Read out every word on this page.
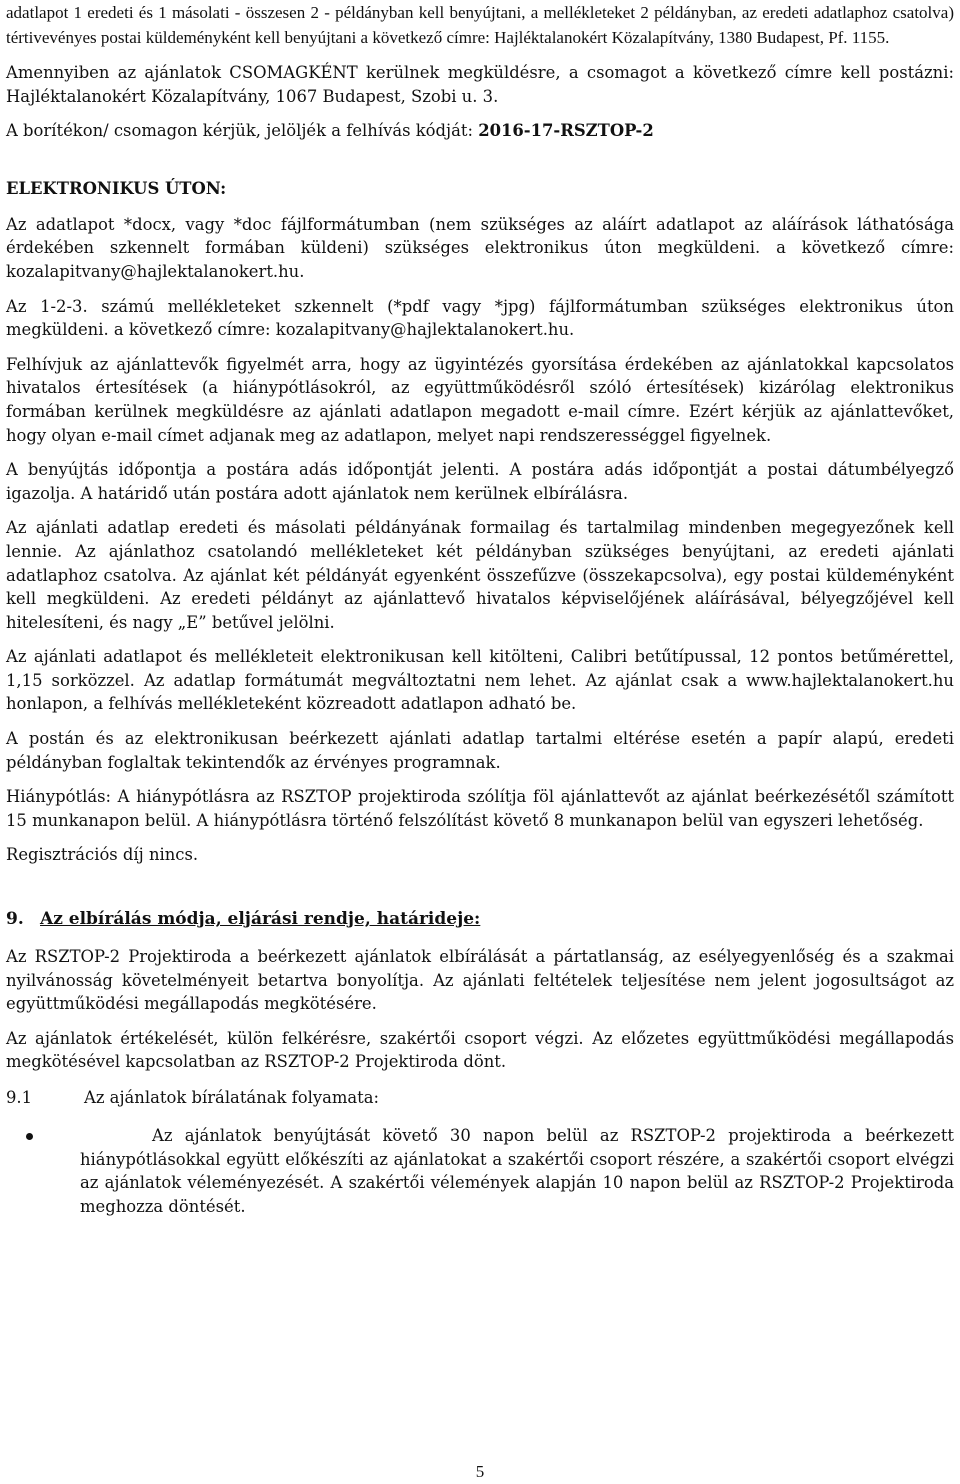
adatlapot 1 eredeti és 1 másolati - összesen 2 - példányban kell benyújtani, a mellékleteket 2 példányban, az eredeti adatlaphoz csatolva) tértivevényes postai küldeményként kell benyújtani a következő címre: Hajléktalanokért Közalapítvány, 1380 Budapest, Pf. 1155.

Amennyiben az ajánlatok CSOMAGKÉNT kerülnek megküldésre, a csomagot a következő címre kell postázni: Hajléktalanokért Közalapítvány, 1067 Budapest, Szobi u. 3.

A borítékon/ csomagon kérjük, jelöljék a felhívás kódját: 2016-17-RSZTOP-2

ELEKTRONIKUS ÚTON:

Az adatlapot *docx, vagy *doc fájlformátumban (nem szükséges az aláírt adatlapot az aláírások láthatósága érdekében szkennelt formában küldeni) szükséges elektronikus úton megküldeni. a következő címre: kozalapitvany@hajlektalanokert.hu.

Az 1-2-3. számú mellékleteket szkennelt (*pdf vagy *jpg) fájlformátumban szükséges elektronikus úton megküldeni. a következő címre: kozalapitvany@hajlektalanokert.hu.

Felhívjuk az ajánlattevők figyelmét arra, hogy az ügyintézés gyorsítása érdekében az ajánlatokkal kapcsolatos hivatalos értesítések (a hiánypótlásokról, az együttműködésről szóló értesítések) kizárólag elektronikus formában kerülnek megküldésre az ajánlati adatlapon megadott e-mail címre. Ezért kérjük az ajánlattevőket, hogy olyan e-mail címet adjanak meg az adatlapon, melyet napi rendszerességgel figyelnek.

A benyújtás időpontja a postára adás időpontját jelenti. A postára adás időpontját a postai dátumbélyegző igazolja. A határidő után postára adott ajánlatok nem kerülnek elbírálásra.

Az ajánlati adatlap eredeti és másolati példányának formailag és tartalmilag mindenben megegyezőnek kell lennie. Az ajánlathoz csatolandó mellékleteket két példányban szükséges benyújtani, az eredeti ajánlati adatlaphoz csatolva. Az ajánlat két példányát egyenként összefűzve (összekapcsolva), egy postai küldeményként kell megküldeni. Az eredeti példányt az ajánlattevő hivatalos képviselőjének aláírásával, bélyegzőjével kell hitelesíteni, és nagy „E” betűvel jelölni.

Az ajánlati adatlapot és mellékleteit elektronikusan kell kitölteni, Calibri betűtípussal, 12 pontos betűmérettel, 1,15 sorközzel. Az adatlap formátumát megváltoztatni nem lehet. Az ajánlat csak a www.hajlektalanokert.hu honlapon, a felhívás mellékleteként közreadott adatlapon adható be.

A postán és az elektronikusan beérkezett ajánlati adatlap tartalmi eltérése esetén a papír alapú, eredeti példányban foglaltak tekintendők az érvényes programnak.

Hiánypótlás: A hiánypótlásra az RSZTOP projektiroda szólítja föl ajánlattevőt az ajánlat beérkezésétől számított 15 munkanapon belül. A hiánypótlásra történő felszólítást követő 8 munkanapon belül van egyszeri lehetőség.

Regisztrációs díj nincs.

9. Az elbírálás módja, eljárási rendje, határideje:

Az RSZTOP-2 Projektiroda a beérkezett ajánlatok elbírálását a pártatlanság, az esélyegyenlőség és a szakmai nyilvánosság követelményeit betartva bonyolítja. Az ajánlati feltételek teljesítése nem jelent jogosultságot az együttműködési megállapodás megkötésére.

Az ajánlatok értékelését, külön felkérésre, szakértői csoport végzi. Az előzetes együttműködési megállapodás megkötésével kapcsolatban az RSZTOP-2 Projektiroda dönt.

9.1	Az ajánlatok bírálatának folyamata:

Az ajánlatok benyújtását követő 30 napon belül az RSZTOP-2 projektiroda a beérkezett hiánypótlásokkal együtt előkészíti az ajánlatokat a szakértői csoport részére, a szakértői csoport elvégzi az ajánlatok véleményezését. A szakértői vélemények alapján 10 napon belül az RSZTOP-2 Projektiroda meghozza döntését.

5
